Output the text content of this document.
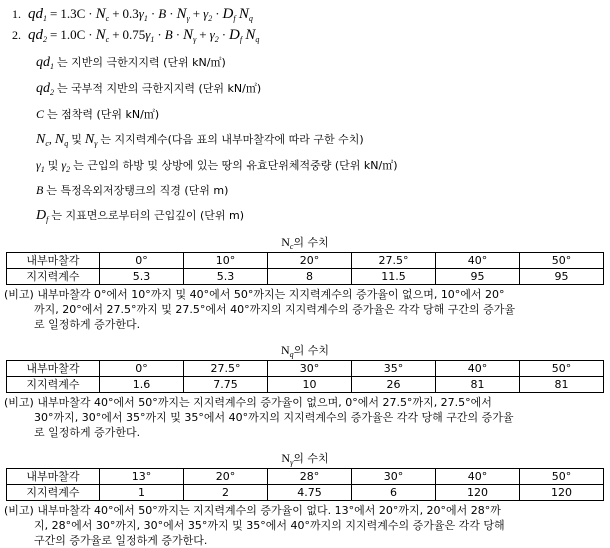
1. $qd_1 = 1.3C \cdot N_c + 0.3\gamma_1 \cdot B \cdot N_\gamma + \gamma_2 \cdot D_f$ $N_q$
2. $qd_2 = 1.0C \cdot N_c + 0.75\gamma_1 \cdot B \cdot N_\gamma + \gamma_2 \cdot D_f$ $N_q$
$qd_1$ 는 지반의 극한지지력 (단위 kN/㎡)
$qd_2$ 는 국부적 지반의 극한지지력 (단위 kN/㎡)
C 는 점착력 (단위 kN/㎡)
$N_c$, $N_q$ 및 $N_\gamma$ 는 지지력계수(다음 표의 내부마찰각에 따라 구한 수치)
$\gamma_1$ 및 $\gamma_2$ 는 근입의 하방 및 상방에 있는 땅의 유효단위체적중량 (단위 kN/㎡)
B 는 특정옥외저장탱크의 직경 (단위 m)
$D_f$ 는 지표면으로부터의 근입깊이 (단위 m)
$N_c$의 수치
내부마찰각	0°	10°	20°	27.5°	40°	50°
지지력계수	5.3	5.3	8	11.5	95	95
(비고) 내부마찰각 0°에서 10°까지 및 40°에서 50°까지는 지지력계수의 증가율이 없으며, 10°에서 20°
까지, 20°에서 27.5°까지 및 27.5°에서 40°까지의 지지력계수의 증가율은 각각 당해 구간의 증가율
로 일정하게 증가한다.
$N_q$의 수치
내부마찰각	0°	27.5°	30°	35°	40°	50°
지지력계수	1.6	7.75	10	26	81	81
(비고) 내부마찰각 40°에서 50°까지는 지지력계수의 증가율이 없으며, 0°에서 27.5°까지, 27.5°에서
30°까지, 30°에서 35°까지 및 35°에서 40°까지의 지지력계수의 증가율은 각각 당해 구간의 증가율
로 일정하게 증가한다.
$N_\gamma$의 수치
내부마찰각	13°	20°	28°	30°	40°	50°
지지력계수	1	2	4.75	6	120	120
(비고) 내부마찰각 40°에서 50°까지는 지지력계수의 증가율이 없다. 13°에서 20°까지, 20°에서 28°까
지, 28°에서 30°까지, 30°에서 35°까지 및 35°에서 40°까지의 지지력계수의 증가율은 각각 당해
구간의 증가율로 일정하게 증가한다.
